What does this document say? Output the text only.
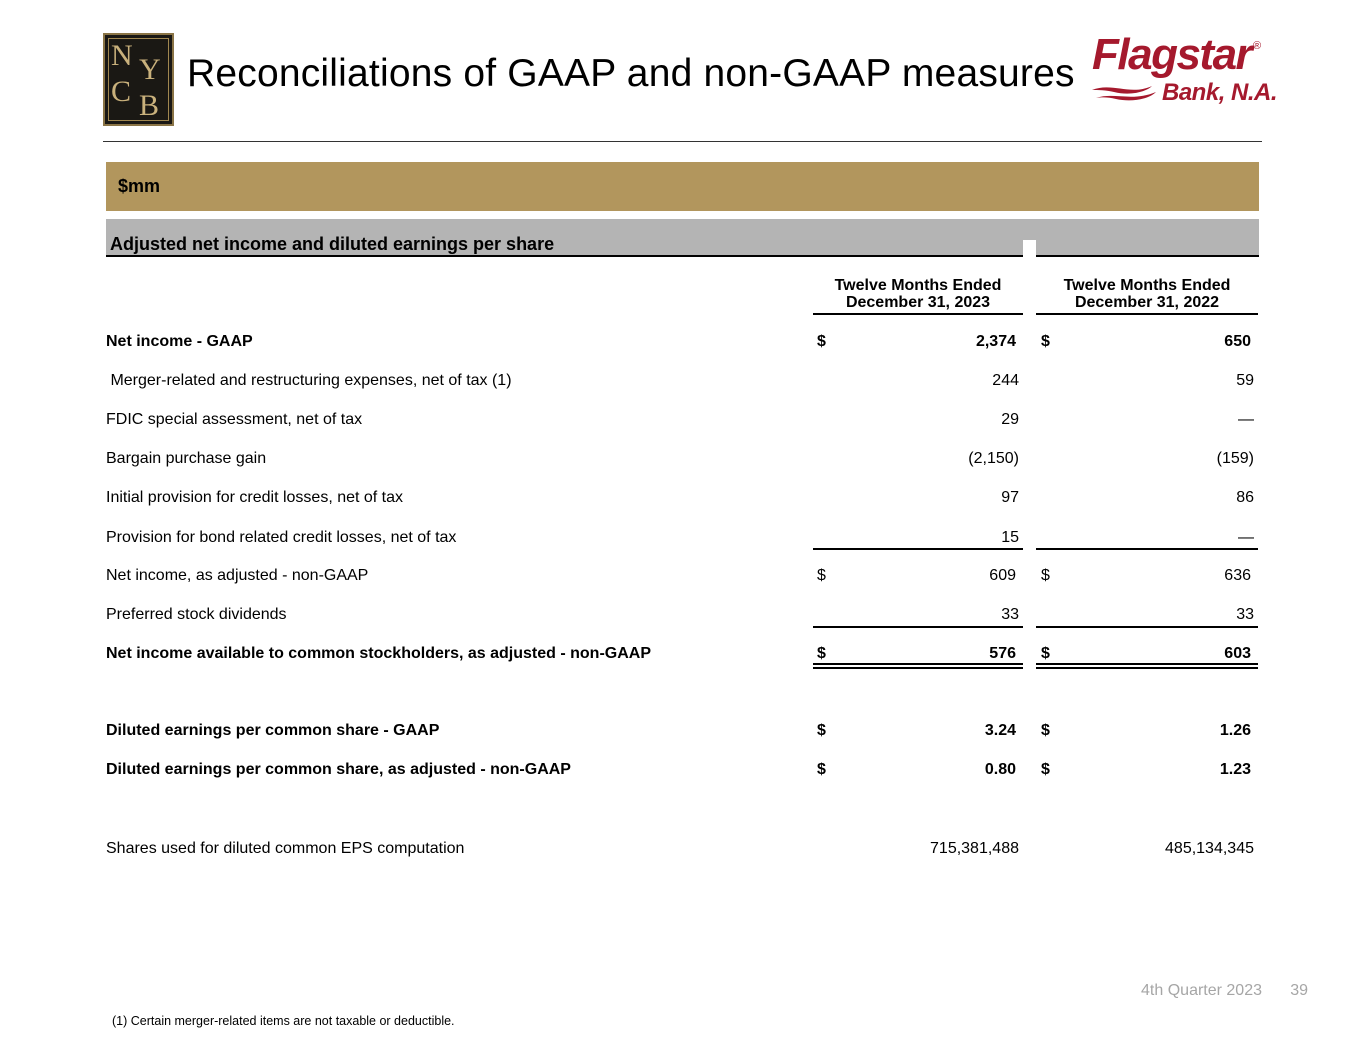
N Y
C B
Reconciliations of GAAP and non-GAAP measures Flagstar ®
Bank, N.A.
$mm
Adjusted net income and diluted earnings per share
Twelve Months Ended
December 31, 2023
Twelve Months Ended
December 31, 2022
Net income - GAAP	$	2,374 $	650
Merger-related and restructuring expenses, net of tax (1)	244	59
FDIC special assessment, net of tax	29	—
Bargain purchase gain	(2,150)	(159)
Initial provision for credit losses, net of tax	97	86
Provision for bond related credit losses, net of tax	15	—
Net income, as adjusted - non-GAAP	$	609 $	636
Preferred stock dividends	33	33
Net income available to common stockholders, as adjusted - non-GAAP	$	576 $	603
Diluted earnings per common share - GAAP	$	3.24 $	1.26
Diluted earnings per common share, as adjusted - non-GAAP	$	0.80 $	1.23
Shares used for diluted common EPS computation	715,381,488	485,134,345
4th Quarter 2023 39
(1) Certain merger-related items are not taxable or deductible.
